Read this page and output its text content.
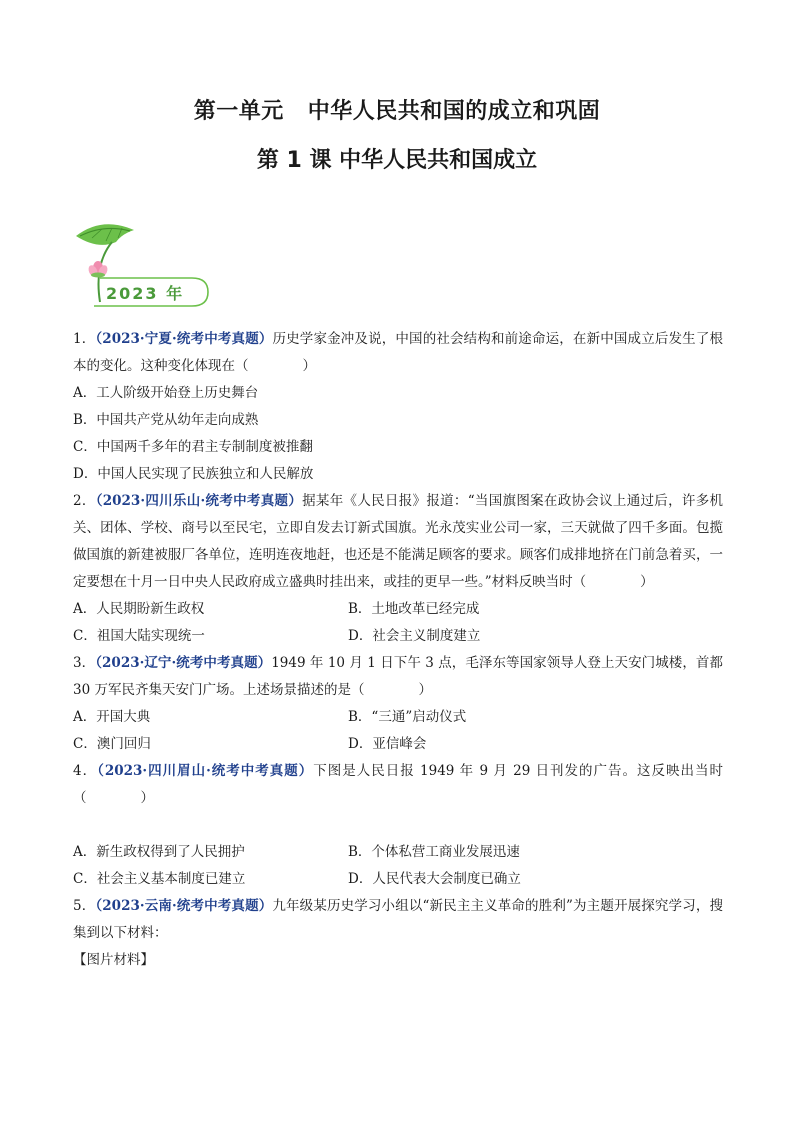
第一单元 中华人民共和国的成立和巩固
第 1 课 中华人民共和国成立
2023 年

1．（2023·宁夏·统考中考真题）历史学家金冲及说，中国的社会结构和前途命运，在新中国成立后发生了根本的变化。这种变化体现在（　　　　）

A．工人阶级开始登上历史舞台

B．中国共产党从幼年走向成熟

C．中国两千多年的君主专制制度被推翻

D．中国人民实现了民族独立和人民解放

2．（2023·四川乐山·统考中考真题）据某年《人民日报》报道：“当国旗图案在政协会议上通过后，许多机关、团体、学校、商号以至民宅，立即自发去订新式国旗。光永茂实业公司一家，三天就做了四千多面。包揽做国旗的新建被服厂各单位，连明连夜地赶，也还是不能满足顾客的要求。顾客们成排地挤在门前急着买，一定要想在十月一日中央人民政府成立盛典时挂出来，或挂的更早一些。”材料反映当时（　　　　）

A．人民期盼新生政权	B．土地改革已经完成

C．祖国大陆实现统一	D．社会主义制度建立

3．（2023·辽宁·统考中考真题）1949 年 10 月 1 日下午 3 点，毛泽东等国家领导人登上天安门城楼，首都 30 万军民齐集天安门广场。上述场景描述的是（　　　　）

A．开国大典	B．“三通”启动仪式

C．澳门回归	D．亚信峰会

4．（2023·四川眉山·统考中考真题）下图是人民日报 1949 年 9 月 29 日刊发的广告。这反映出当时（　　　　）

A．新生政权得到了人民拥护	B．个体私营工商业发展迅速

C．社会主义基本制度已建立	D．人民代表大会制度已确立

5．（2023·云南·统考中考真题）九年级某历史学习小组以“新民主主义革命的胜利”为主题开展探究学习，搜集到以下材料：

【图片材料】
